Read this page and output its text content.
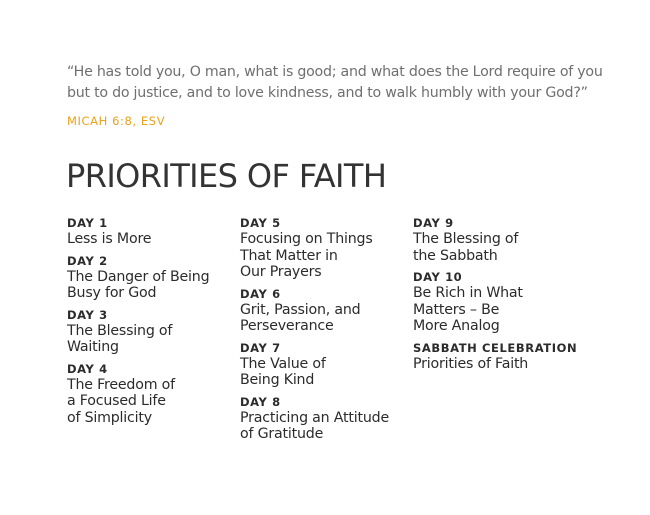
“He has told you, O man, what is good; and what does the Lord require of you but to do justice, and to love kindness, and to walk humbly with your God?”

MICAH 6:8, ESV
PRIORITIES OF FAITH
DAY 1
Less is More
DAY 2
The Danger of Being
Busy for God
DAY 3
The Blessing of
Waiting
DAY 4
The Freedom of
a Focused Life
of Simplicity
DAY 5
Focusing on Things
That Matter in
Our Prayers
DAY 6
Grit, Passion, and
Perseverance
DAY 7
The Value of
Being Kind
DAY 8
Practicing an Attitude
of Gratitude
DAY 9
The Blessing of
the Sabbath
DAY 10
Be Rich in What
Matters – Be
More Analog
SABBATH CELEBRATION
Priorities of Faith
